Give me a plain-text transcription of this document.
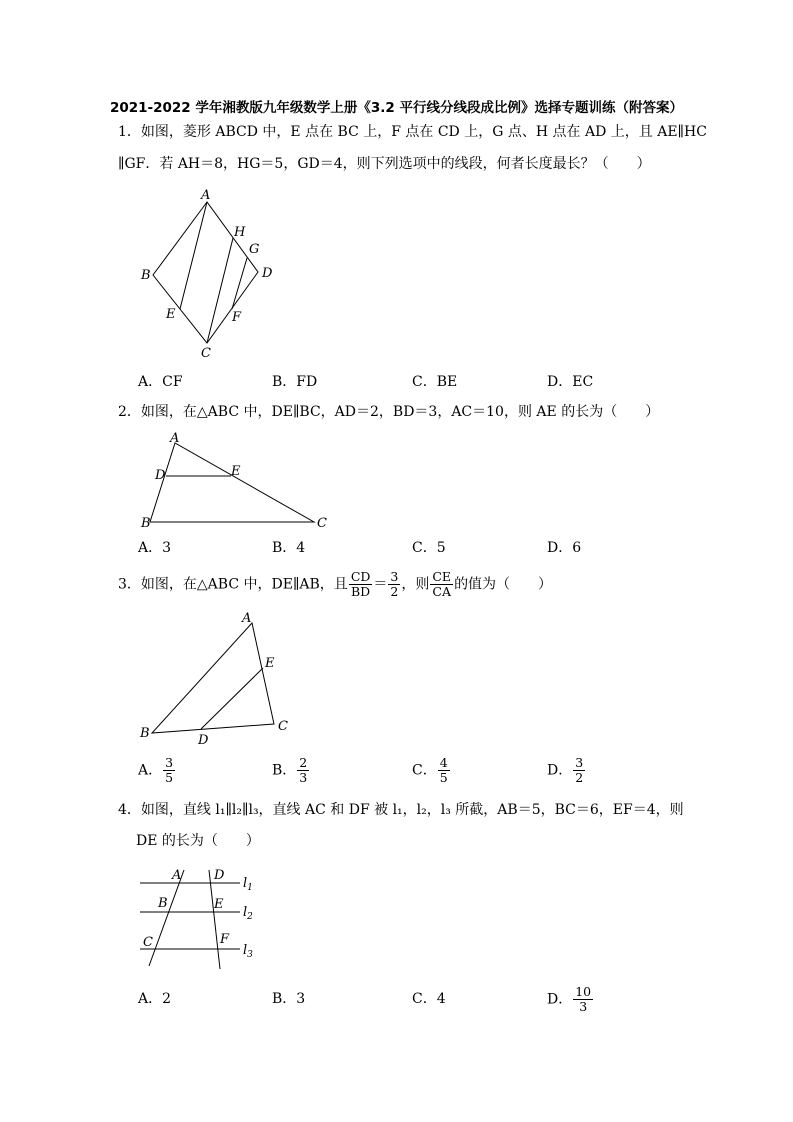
2021-2022 学年湘教版九年级数学上册《3.2 平行线分线段成比例》选择专题训练（附答案）
1．如图，菱形 ABCD 中，E 点在 BC 上，F 点在 CD 上，G 点、H 点在 AD 上，且 AE∥HC
∥GF．若 AH＝8，HG＝5，GD＝4，则下列选项中的线段，何者长度最长？（　　）
A
B
C
D
E	F
G
H
A．CF	B．FD	C．BE	D．EC
2．如图，在△ABC 中，DE∥BC，AD＝2，BD＝3，AC＝10，则 AE 的长为（　　）
A
B	C
D	E
A．3	B．4	C．5	D．6
3．如图，在△ABC 中，DE∥AB，且 $\frac{CD}{BD} = \frac{3}{2}$ ，则 $\frac{CE}{CA}$ 的值为（　　）
A
B	C
D
E
A． $\frac{3}{5}$	B． $\frac{2}{3}$	C． $\frac{4}{5}$	D． $\frac{3}{2}$
4．如图，直线 l₁∥l₂∥l₃，直线 AC 和 DF 被 l₁，l₂，l₃ 所截，AB＝5，BC＝6，EF＝4，则
DE 的长为（　　）
A
B
C
D
E
F
$l_1$
$l_2$
$l_3$
A．2	B．3	C．4	D． $\frac{10}{3}$
